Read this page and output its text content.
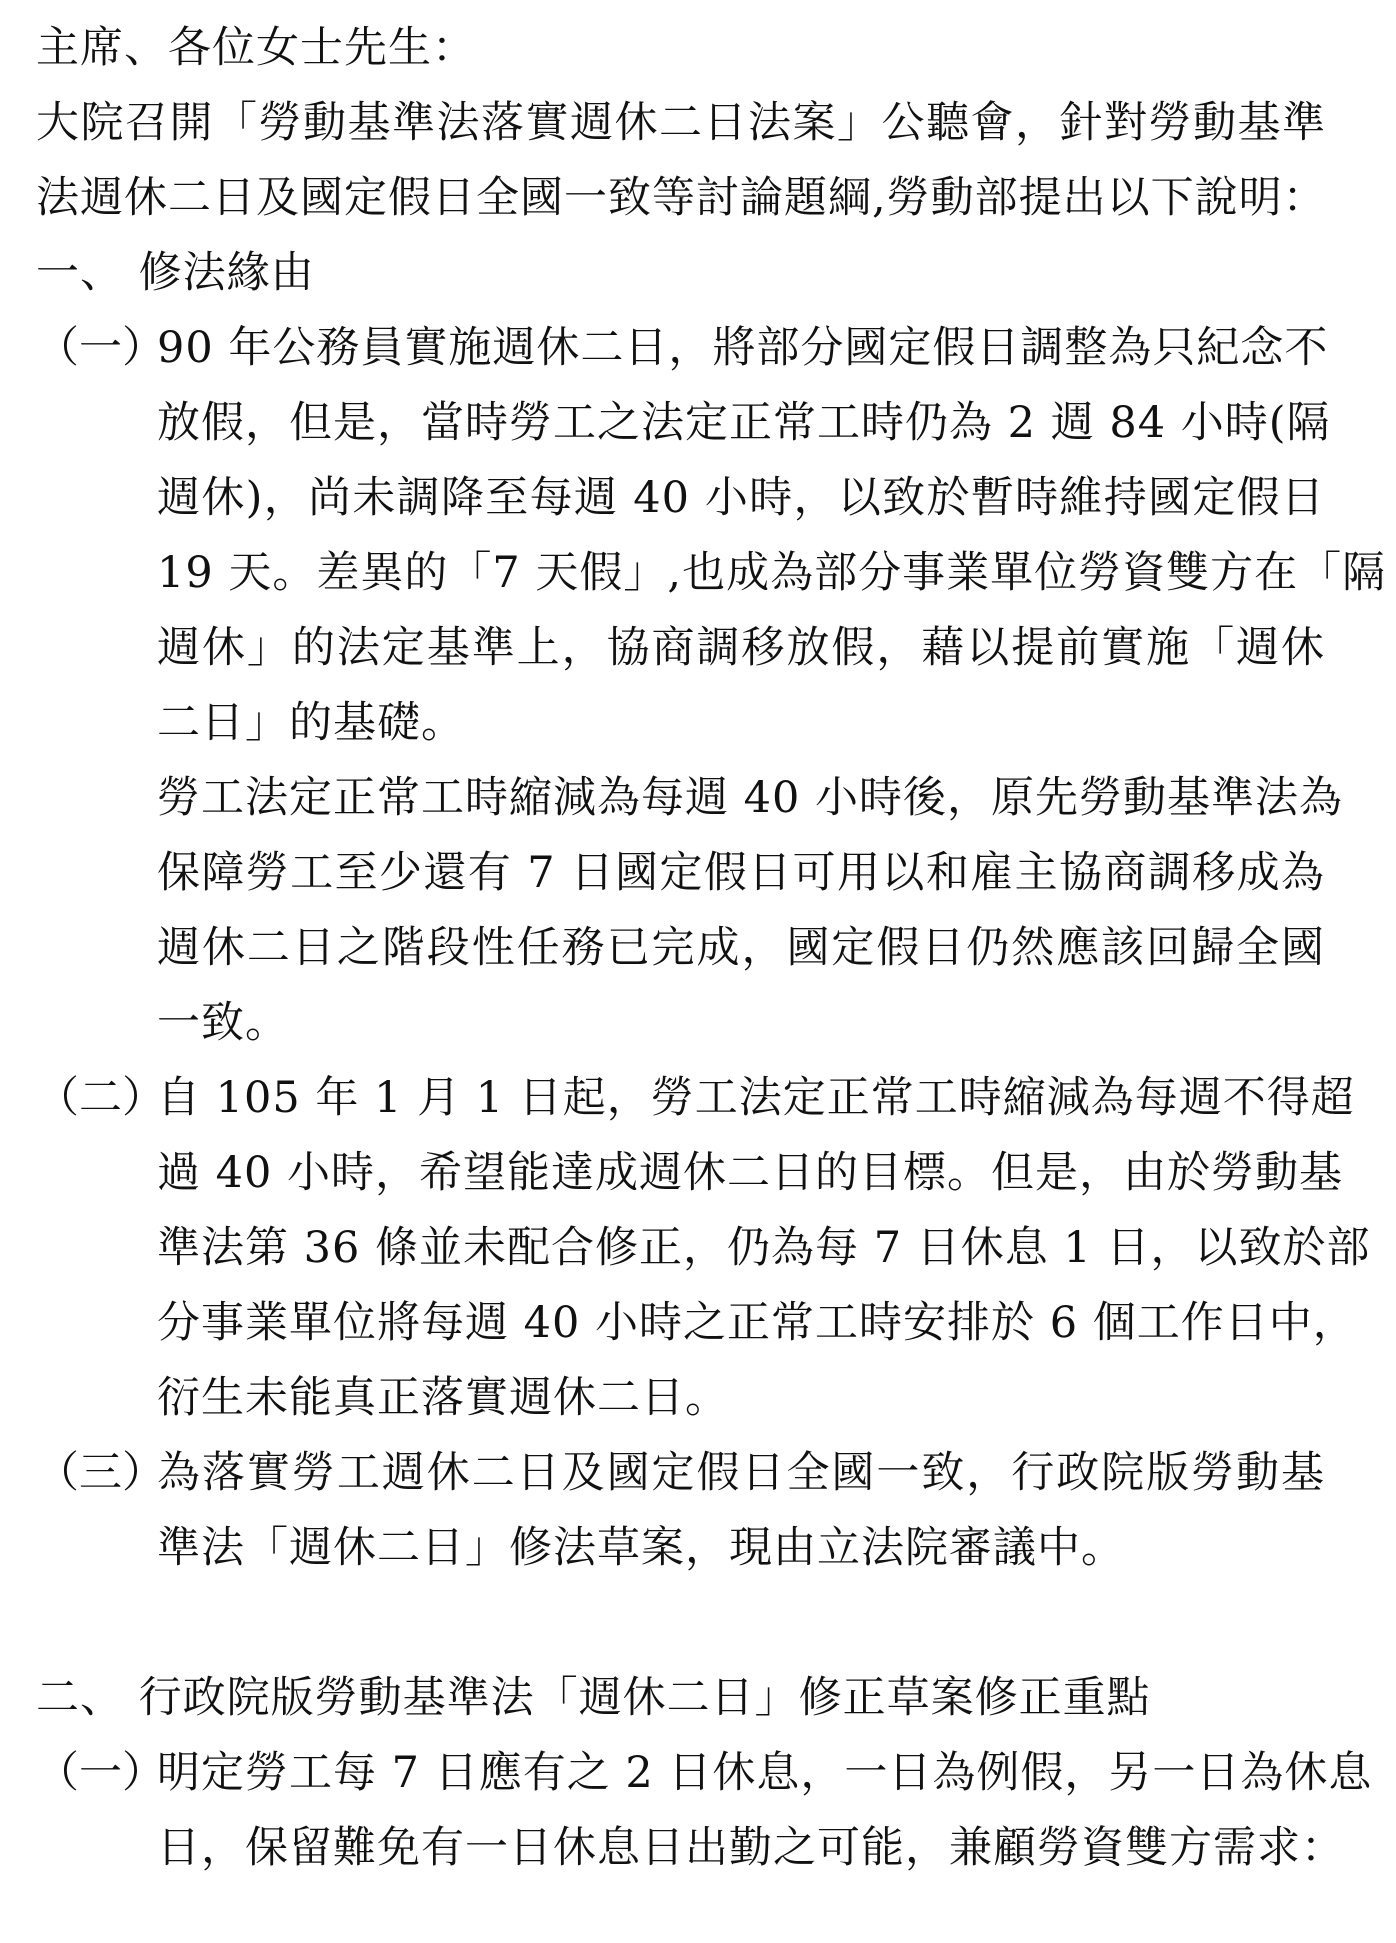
主席、各位女士先生：
大院召開「勞動基準法落實週休二日法案」公聽會，針對勞動基準
法週休二日及國定假日全國一致等討論題綱,勞動部提出以下說明：
一、 修法緣由
（一）
90 年公務員實施週休二日，將部分國定假日調整為只紀念不
放假，但是，當時勞工之法定正常工時仍為 2 週 84 小時(隔
週休)，尚未調降至每週 40 小時，以致於暫時維持國定假日
19 天。差異的「7 天假」,也成為部分事業單位勞資雙方在「隔
週休」的法定基準上，協商調移放假，藉以提前實施「週休
二日」的基礎。
勞工法定正常工時縮減為每週 40 小時後，原先勞動基準法為
保障勞工至少還有 7 日國定假日可用以和雇主協商調移成為
週休二日之階段性任務已完成，國定假日仍然應該回歸全國
一致。
（二）
自 105 年 1 月 1 日起，勞工法定正常工時縮減為每週不得超
過 40 小時，希望能達成週休二日的目標。但是，由於勞動基
準法第 36 條並未配合修正，仍為每 7 日休息 1 日，以致於部
分事業單位將每週 40 小時之正常工時安排於 6 個工作日中，
衍生未能真正落實週休二日。
（三）
為落實勞工週休二日及國定假日全國一致，行政院版勞動基
準法「週休二日」修法草案，現由立法院審議中。
二、 行政院版勞動基準法「週休二日」修正草案修正重點
（一）
明定勞工每 7 日應有之 2 日休息，一日為例假，另一日為休息
日，保留難免有一日休息日出勤之可能，兼顧勞資雙方需求：
